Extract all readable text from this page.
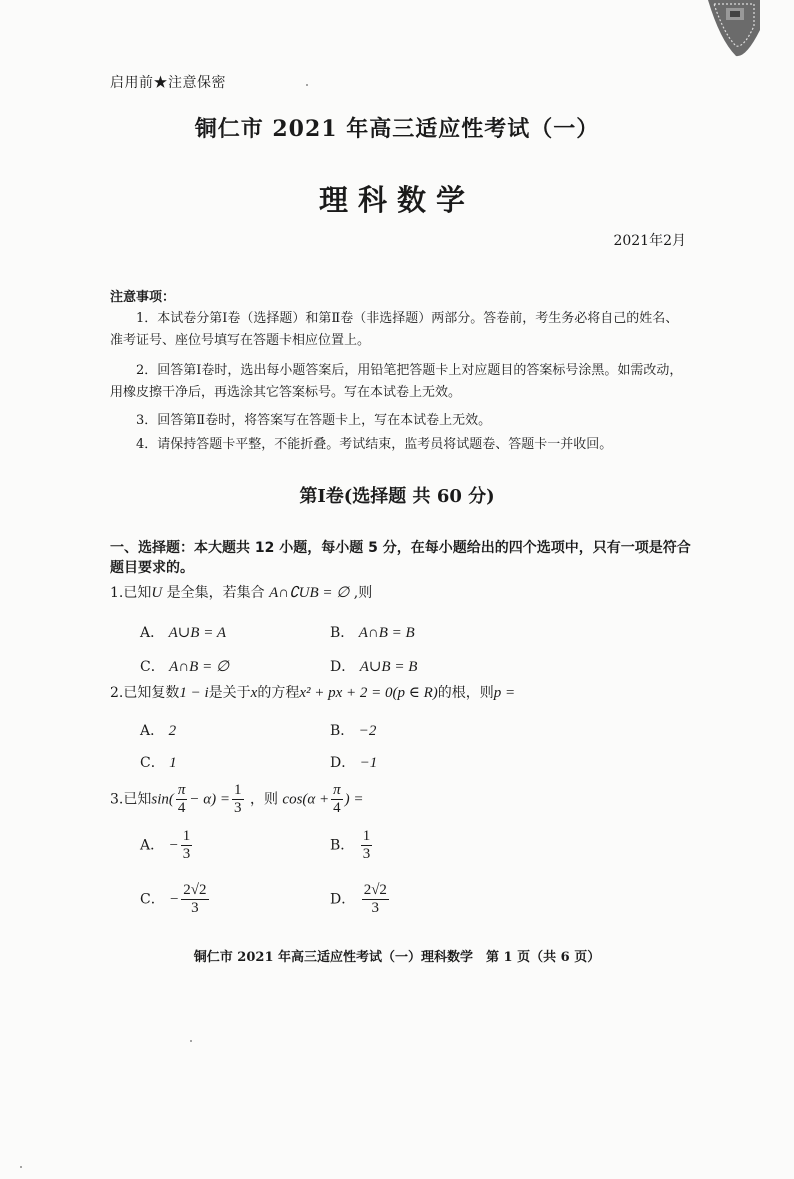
启用前★注意保密
铜仁市 2021 年高三适应性考试（一）
理科数学
2021年2月
注意事项：

1．本试卷分第Ⅰ卷（选择题）和第Ⅱ卷（非选择题）两部分。答卷前，考生务必将自己的姓名、准考证号、座位号填写在答题卡相应位置上。

2．回答第Ⅰ卷时，选出每小题答案后，用铅笔把答题卡上对应题目的答案标号涂黑。如需改动，用橡皮擦干净后，再选涂其它答案标号。写在本试卷上无效。

3．回答第Ⅱ卷时，将答案写在答题卡上，写在本试卷上无效。

4．请保持答题卡平整，不能折叠。考试结束，监考员将试题卷、答题卡一并收回。

第Ⅰ卷(选择题 共 60 分)
一、选择题：本大题共 12 小题，每小题 5 分，在每小题给出的四个选项中，只有一项是符合题目要求的。
1.已知U 是全集，若集合 A∩∁UB = ∅ ,则
A． A∪B = A	B． A∩B = B
C． A∩B = ∅	D． A∪B = B
2.已知复数1 − i是关于x的方程x² + px + 2 = 0(p ∈ R)的根，则p =
A． 2	B． −2
C． 1	D． −1
3.已知$\sin( \frac{\pi}{4} - \alpha) = \frac{1}{3}$ ，则 $\cos(\alpha + \frac{\pi}{4}$ ) =
A． − $\frac{1}{3}$	B． $\frac{1}{3}$
C． − $\frac{2√2}{3}$	D． $\frac{2√2}{3}$
铜仁市 2021 年高三适应性考试（一）理科数学　第 1 页（共 6 页）
